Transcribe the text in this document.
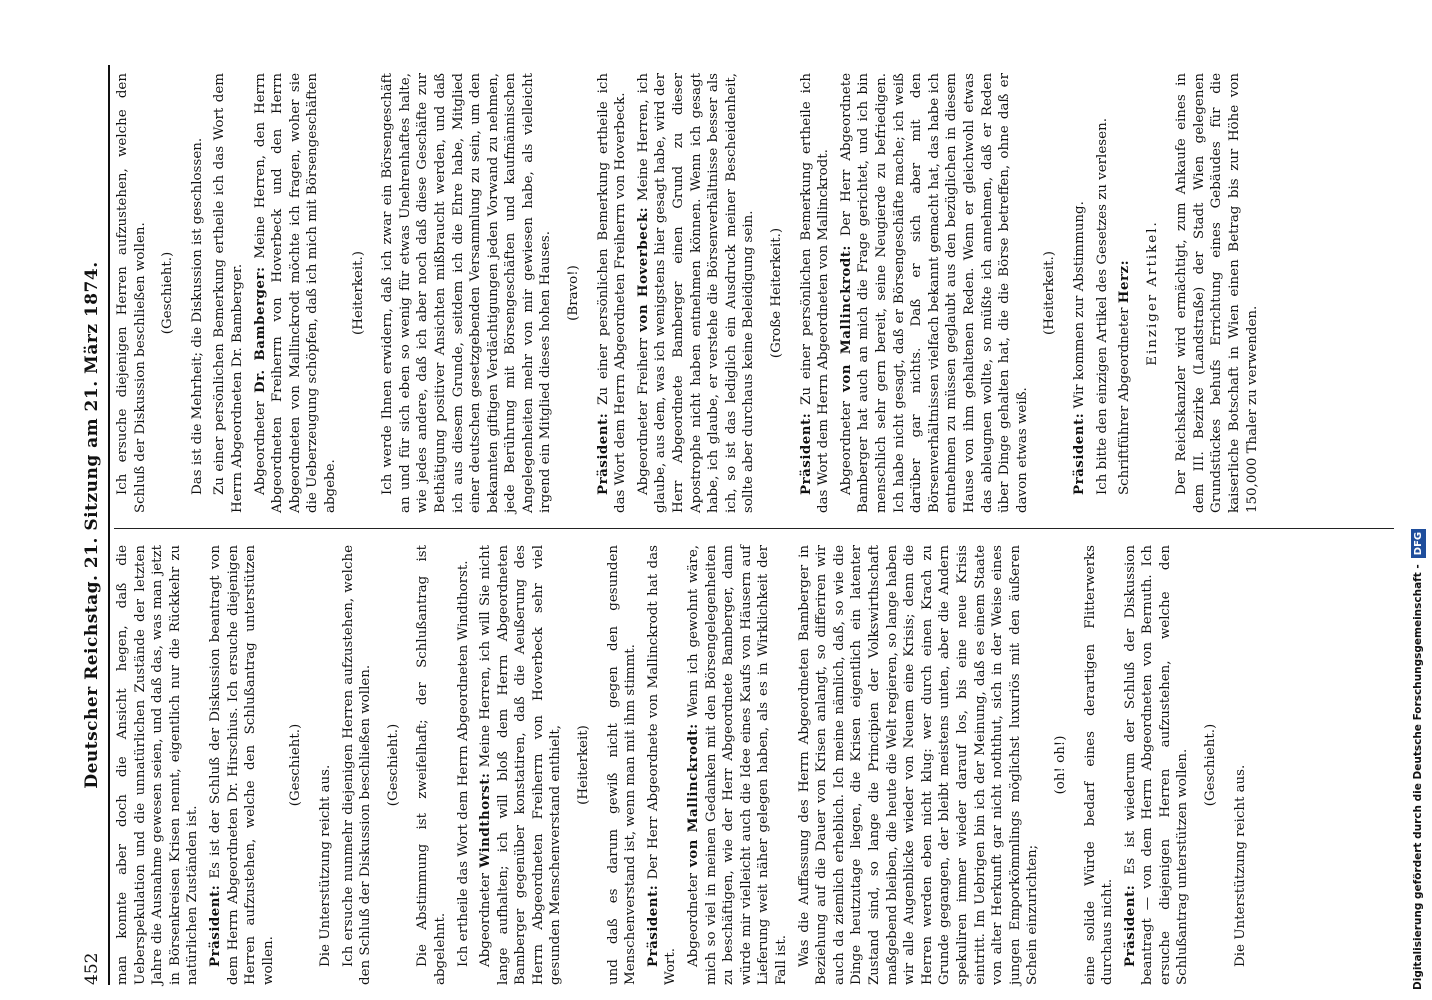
452
Deutscher Reichstag. 21. Sitzung am 21. März 1874. man konnte aber doch die Ansicht hegen, daß die Ueberspekulation und die unnatürlichen Zustände der letzten Jahre die Ausnahme gewesen seien, und daß das, was man jetzt in Börsenkreisen Krisen nennt, eigentlich nur die Rückkehr zu natürlichen Zuständen ist. Präsident: Es ist der Schluß der Diskussion beantragt von dem Herrn Abgeordneten Dr. Hirschius. Ich ersuche diejenigen Herren aufzustehen, welche den Schlußantrag unterstützen wollen.

(Geschieht.) Die Unterstützung reicht aus. Ich ersuche nunmehr diejenigen Herren aufzustehen, welche den Schluß der Diskussion beschließen wollen. (Geschieht.) Die Abstimmung ist zweifelhaft; der Schlußantrag ist abgelehnt. Ich ertheile das Wort dem Herrn Abgeordneten Windthorst. Abgeordneter Windthorst: Meine Herren, ich will Sie nicht lange aufhalten; ich will bloß dem Herrn Abgeordneten Bamberger gegenüber konstatiren, daß die Aeußerung des Herrn Abgeordneten Freiherrn von Hoverbeck sehr viel gesunden Menschenverstand enthielt, (Heiterkeit) und daß es darum gewiß nicht gegen den gesunden Menschenverstand ist, wenn man mit ihm stimmt. Präsident: Der Herr Abgeordnete von Mallinckrodt hat das Wort. Abgeordneter von Mallinckrodt: Wenn ich gewohnt wäre, mich so viel in meinen Gedanken mit den Börsengelegenheiten zu beschäftigen, wie der Herr Abgeordnete Bamberger, dann würde mir vielleicht auch die Idee eines Kaufs von Häusern auf Lieferung weit näher gelegen haben, als es in Wirklichkeit der Fall ist. Was die Auffassung des Herrn Abgeordneten Bamberger in Beziehung auf die Dauer von Krisen anlangt, so differiren wir auch da ziemlich erheblich. Ich meine nämlich, daß, so wie die Dinge heutzutage liegen, die Krisen eigentlich ein latenter Zustand sind, so lange die Principien der Volkswirthschaft maßgebend bleiben, die heute die Welt regieren, so lange haben wir alle Augenblicke wieder von Neuem eine Krisis; denn die Herren werden eben nicht klug: wer durch einen Krach zu Grunde gegangen, der bleibt meistens unten, aber die Andern spekuliren immer wieder darauf los, bis eine neue Krisis eintritt. Im Uebrigen bin ich der Meinung, daß es einem Staate von alter Herkunft gar nicht noththut, sich in der Weise eines jungen Emporkömmlings möglichst luxuriös mit den äußeren Schein einzurichten;

(oh! oh!) eine solide Würde bedarf eines derartigen Flitterwerks durchaus nicht. Präsident: Es ist wiederum der Schluß der Diskussion beantragt — von dem Herrn Abgeordneten von Bernuth. Ich ersuche diejenigen Herren aufzustehen, welche den Schlußantrag unterstützen wollen. (Geschieht.) Die Unterstützung reicht aus.

Ich ersuche diejenigen Herren aufzustehen, welche den Schluß der Diskussion beschließen wollen. (Geschieht.) Das ist die Mehrheit; die Diskussion ist geschlossen. Zu einer persönlichen Bemerkung ertheile ich das Wort dem Herrn Abgeordneten Dr. Bamberger. Abgeordneter Dr. Bamberger: Meine Herren, den Herrn Abgeordneten Freiherrn von Hoverbeck und den Herrn Abgeordneten von Mallinckrodt möchte ich fragen, woher sie die Ueberzeugung schöpfen, daß ich mich mit Börsengeschäften abgebe.

(Heiterkeit.) Ich werde Ihnen erwidern, daß ich zwar ein Börsengeschäft an und für sich eben so wenig für etwas Unehrenhaftes halte, wie jedes andere, daß ich aber noch daß diese Geschäfte zur Bethätigung positiver Ansichten mißbraucht werden, und daß ich aus diesem Grunde, seitdem ich die Ehre habe, Mitglied einer deutschen gesetzgebenden Versammlung zu sein, um den bekannten giftigen Verdächtigungen jeden Vorwand zu nehmen, jede Berührung mit Börsengeschäften und kaufmännischen Angelegenheiten mehr von mir gewiesen habe, als vielleicht irgend ein Mitglied dieses hohen Hauses. (Bravo!)

Präsident: Zu einer persönlichen Bemerkung ertheile ich das Wort dem Herrn Abgeordneten Freiherrn von Hoverbeck. Abgeordneter Freiherr von Hoverbeck: Meine Herren, ich glaube, aus dem, was ich wenigstens hier gesagt habe, wird der Herr Abgeordnete Bamberger einen Grund zu dieser Apostrophe nicht haben entnehmen können. Wenn ich gesagt habe, ich glaube, er verstehe die Börsenverhältnisse besser als ich, so ist das lediglich ein Ausdruck meiner Bescheidenheit, sollte aber durchaus keine Beleidigung sein. (Große Heiterkeit.)

Präsident: Zu einer persönlichen Bemerkung ertheile ich das Wort dem Herrn Abgeordneten von Mallinckrodt. Abgeordneter von Mallinckrodt: Der Herr Abgeordnete Bamberger hat auch an mich die Frage gerichtet, und ich bin menschlich sehr gern bereit, seine Neugierde zu befriedigen. Ich habe nicht gesagt, daß er Börsengeschäfte mache; ich weiß darüber gar nichts. Daß er sich aber mit den Börsenverhältnissen vielfach bekannt gemacht hat, das habe ich entnehmen zu müssen geglaubt aus den bezüglichen in diesem Hause von ihm gehaltenen Reden. Wenn er gleichwohl etwas das ableugnen wollte, so müßte ich annehmen, daß er Reden über Dinge gehalten hat, die die Börse betreffen, ohne daß er davon etwas weiß.

(Heiterkeit.)

Präsident: Wir kommen zur Abstimmung. Ich bitte den einzigen Artikel des Gesetzes zu verlesen. Schriftführer Abgeordneter Herz: Einziger Artikel. Der Reichskanzler wird ermächtigt, zum Ankaufe eines in dem III. Bezirke (Landstraße) der Stadt Wien gelegenen Grundstückes behufs Errichtung eines Gebäudes für die kaiserliche Botschaft in Wien einen Betrag bis zur Höhe von 150,000 Thaler zu verwenden.

Digitalisierung gefördert durch die Deutsche Forschungsgemeinschaft -DFG
